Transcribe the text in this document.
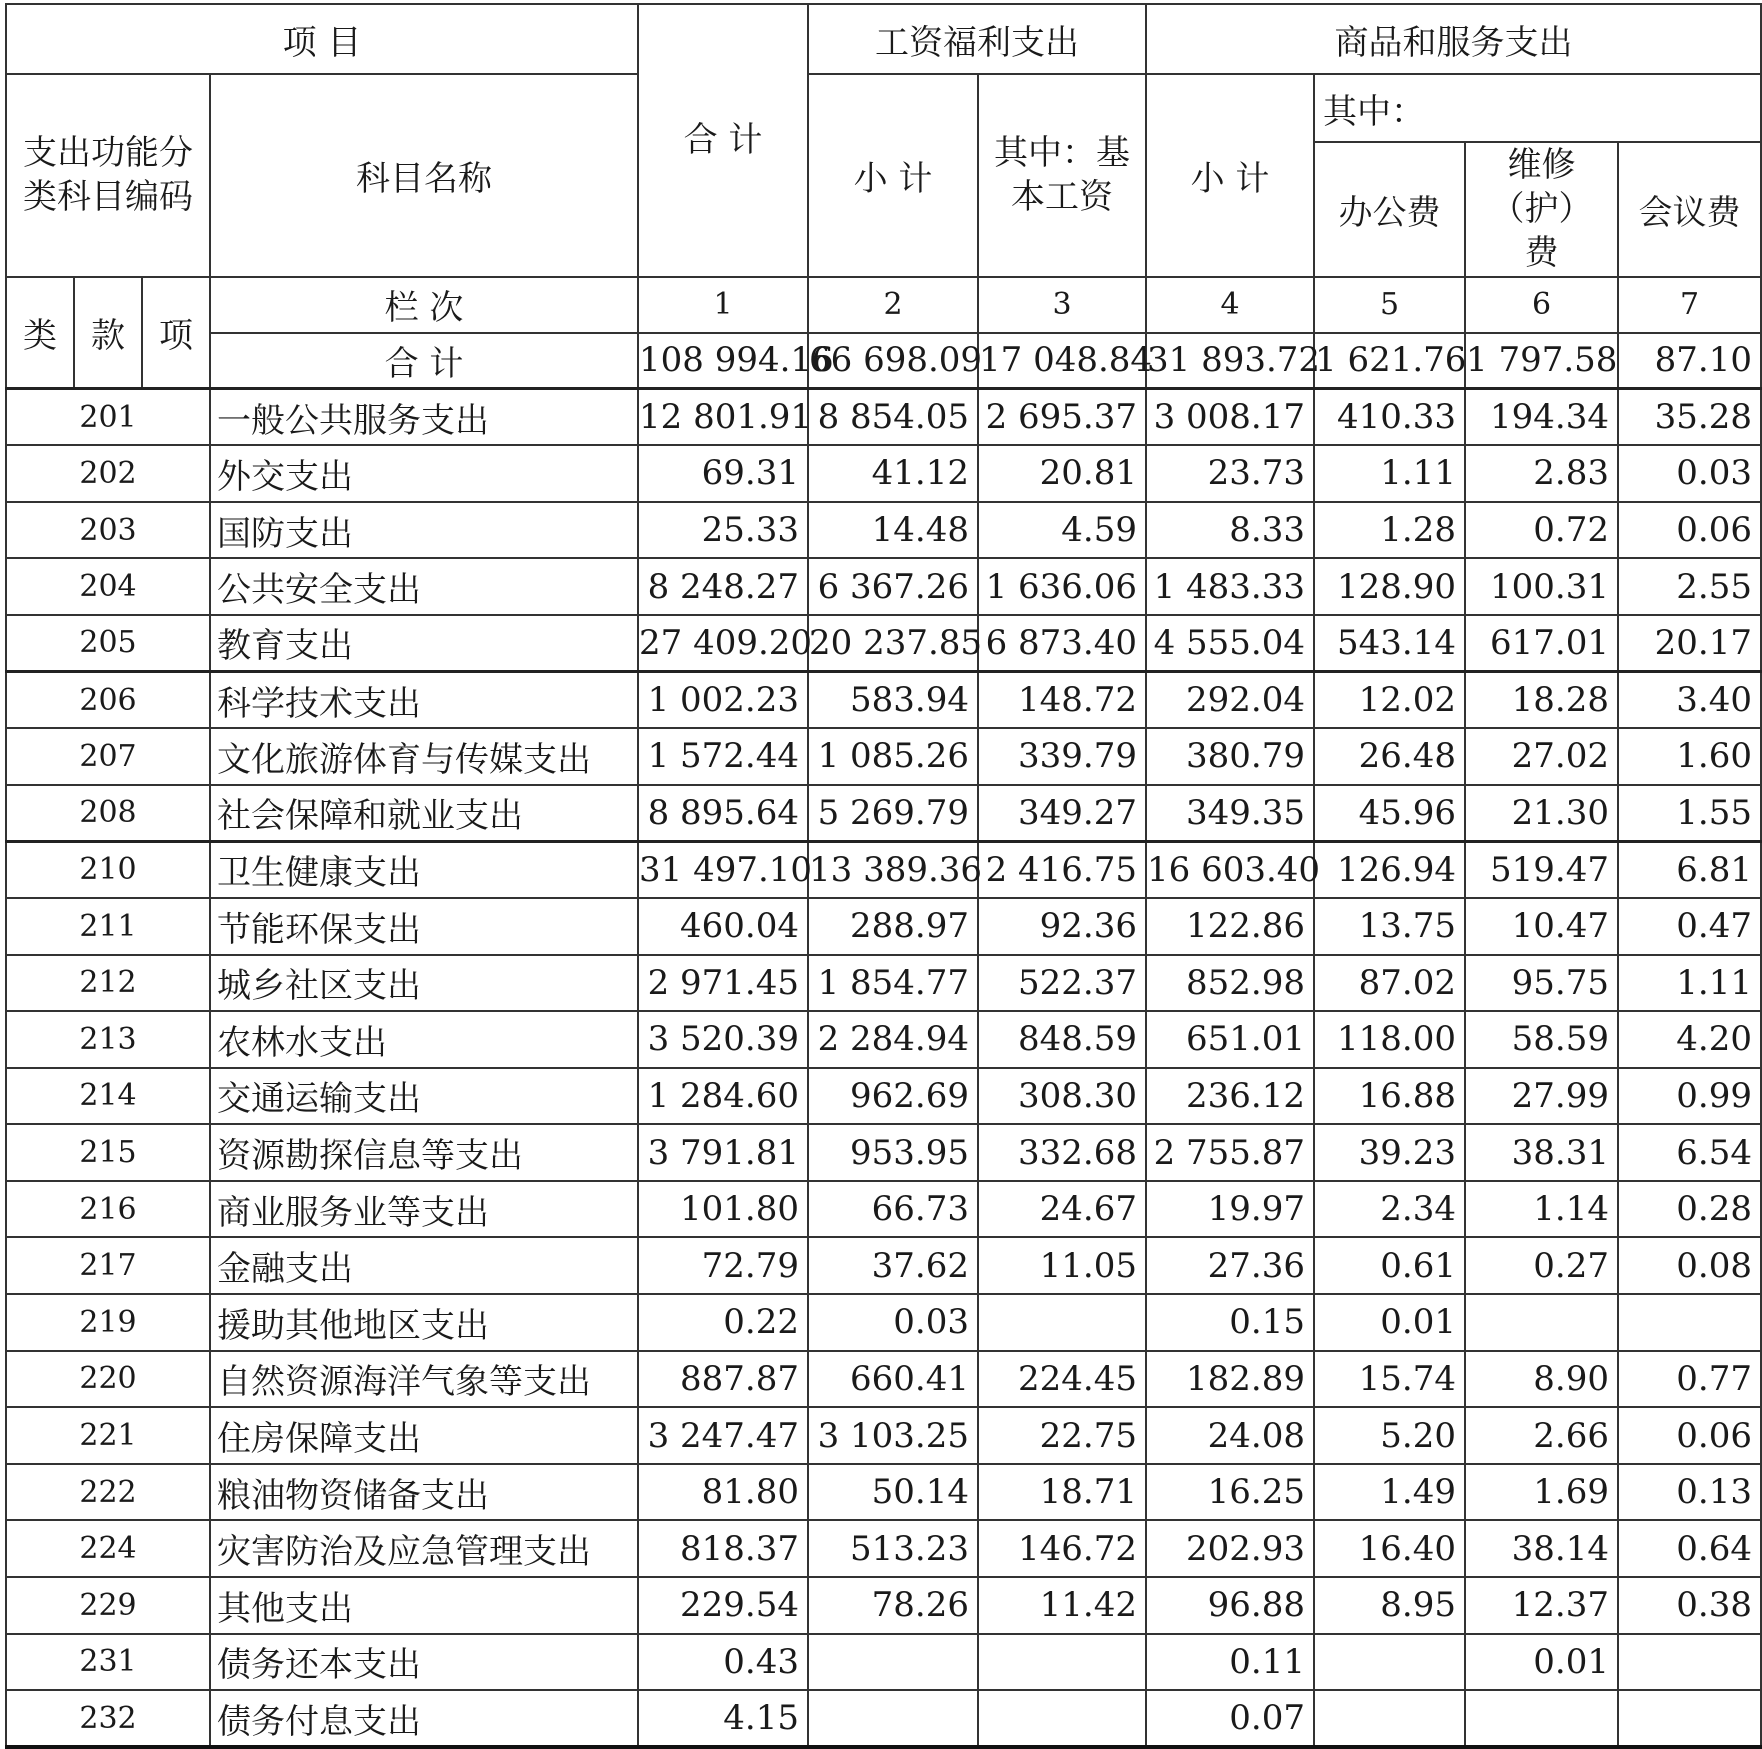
项 目				合 计	工资福利支出		商品和服务支出			
支出功能分类科目编码			科目名称		小 计	其中：基本工资	小 计	其中：		
								办公费	维修（护）费	会议费
类	款	项	栏 次	1	2	3	4	5	6	7
			合 计	108 994.16	66 698.09	17 048.84	31 893.72	1 621.76	1 797.58	87.10
201			一般公共服务支出	12 801.91	8 854.05	2 695.37	3 008.17	410.33	194.34	35.28
202			外交支出	69.31	41.12	20.81	23.73	1.11	2.83	0.03
203			国防支出	25.33	14.48	4.59	8.33	1.28	0.72	0.06
204			公共安全支出	8 248.27	6 367.26	1 636.06	1 483.33	128.90	100.31	2.55
205			教育支出	27 409.20	20 237.85	6 873.40	4 555.04	543.14	617.01	20.17
206			科学技术支出	1 002.23	583.94	148.72	292.04	12.02	18.28	3.40
207			文化旅游体育与传媒支出	1 572.44	1 085.26	339.79	380.79	26.48	27.02	1.60
208			社会保障和就业支出	8 895.64	5 269.79	349.27	349.35	45.96	21.30	1.55
210			卫生健康支出	31 497.10	13 389.36	2 416.75	16 603.40	126.94	519.47	6.81
211			节能环保支出	460.04	288.97	92.36	122.86	13.75	10.47	0.47
212			城乡社区支出	2 971.45	1 854.77	522.37	852.98	87.02	95.75	1.11
213			农林水支出	3 520.39	2 284.94	848.59	651.01	118.00	58.59	4.20
214			交通运输支出	1 284.60	962.69	308.30	236.12	16.88	27.99	0.99
215			资源勘探信息等支出	3 791.81	953.95	332.68	2 755.87	39.23	38.31	6.54
216			商业服务业等支出	101.80	66.73	24.67	19.97	2.34	1.14	0.28
217			金融支出	72.79	37.62	11.05	27.36	0.61	0.27	0.08
219			援助其他地区支出	0.22	0.03		0.15	0.01		
220			自然资源海洋气象等支出	887.87	660.41	224.45	182.89	15.74	8.90	0.77
221			住房保障支出	3 247.47	3 103.25	22.75	24.08	5.20	2.66	0.06
222			粮油物资储备支出	81.80	50.14	18.71	16.25	1.49	1.69	0.13
224			灾害防治及应急管理支出	818.37	513.23	146.72	202.93	16.40	38.14	0.64
229			其他支出	229.54	78.26	11.42	96.88	8.95	12.37	0.38
231			债务还本支出	0.43			0.11		0.01	
232			债务付息支出	4.15			0.07			
